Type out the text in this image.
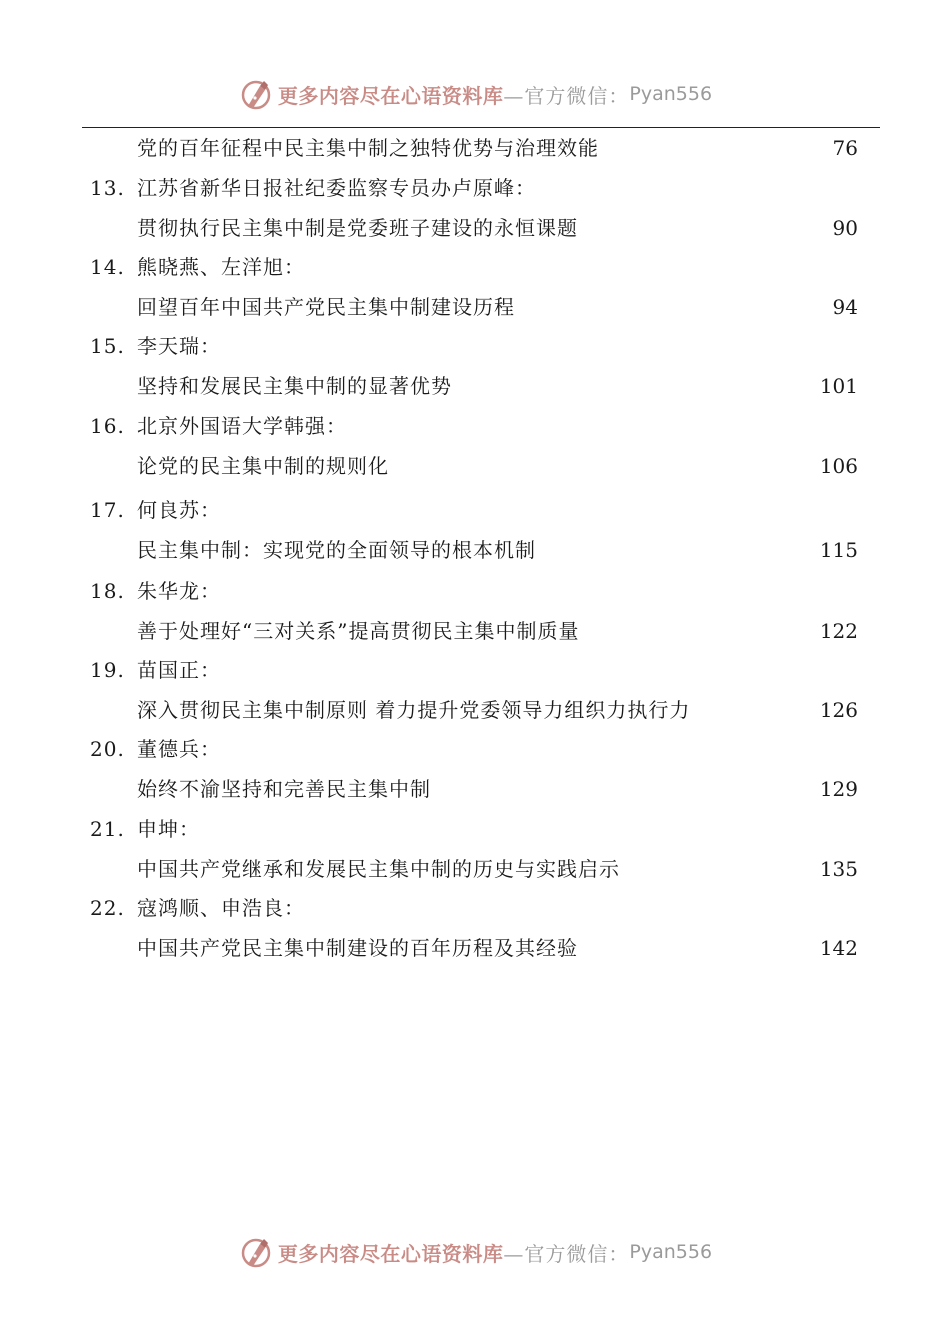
更多内容尽在心语资料库 —官方微信： Pyan556
党的百年征程中民主集中制之独特优势与治理效能	76
13. 江苏省新华日报社纪委监察专员办卢原峰：
贯彻执行民主集中制是党委班子建设的永恒课题	90
14. 熊晓燕、左洋旭：
回望百年中国共产党民主集中制建设历程	94
15. 李天瑞：
坚持和发展民主集中制的显著优势	101
16. 北京外国语大学韩强：
论党的民主集中制的规则化	106
17. 何良苏：
民主集中制：实现党的全面领导的根本机制	115
18. 朱华龙：
善于处理好“三对关系”提高贯彻民主集中制质量	122
19. 苗国正：
深入贯彻民主集中制原则 着力提升党委领导力组织力执行力	126
20. 董德兵：
始终不渝坚持和完善民主集中制	129
21. 申坤：
中国共产党继承和发展民主集中制的历史与实践启示	135
22. 寇鸿顺、申浩良：
中国共产党民主集中制建设的百年历程及其经验	142
更多内容尽在心语资料库 —官方微信： Pyan556
